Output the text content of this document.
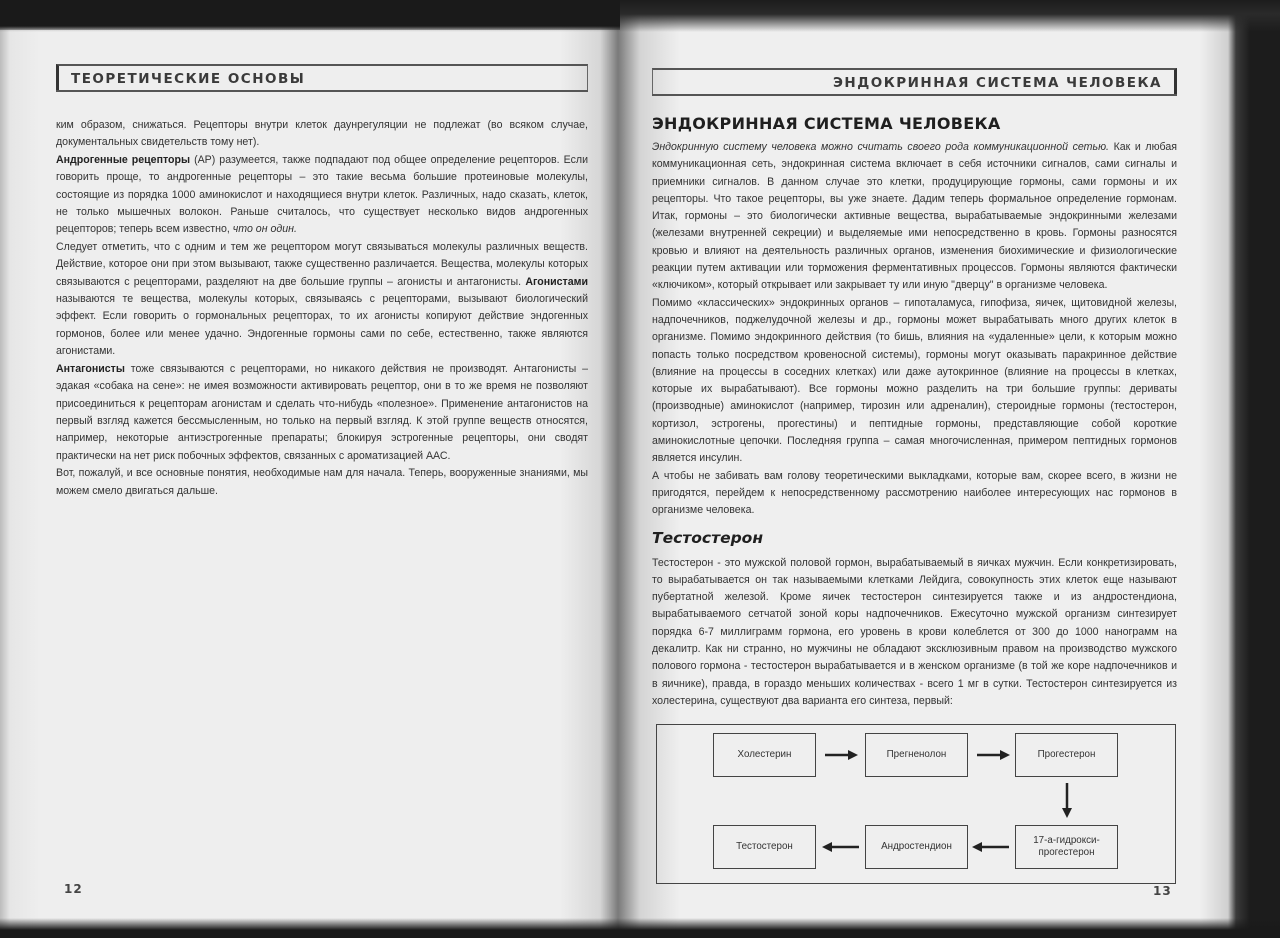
ТЕОРЕТИЧЕСКИЕ ОСНОВЫ

ким образом, снижаться. Рецепторы внутри клеток даунрегуляции не подлежат (во всяком случае, документальных свидетельств тому нет).

Андрогенные рецепторы (АР) разумеется, также подпадают под общее определение рецепторов. Если говорить проще, то андрогенные рецепторы – это такие весьма большие протеиновые молекулы, состоящие из порядка 1000 аминокислот и находящиеся внутри клеток. Различных, надо сказать, клеток, не только мышечных волокон. Раньше считалось, что существует несколько видов андрогенных рецепторов; теперь всем известно, что он один.

Следует отметить, что с одним и тем же рецептором могут связываться молекулы различных веществ. Действие, которое они при этом вызывают, также существенно различается. Вещества, молекулы которых связываются с рецепторами, разделяют на две большие группы – агонисты и антагонисты. Агонистами называются те вещества, молекулы которых, связываясь с рецепторами, вызывают биологический эффект. Если говорить о гормональных рецепторах, то их агонисты копируют действие эндогенных гормонов, более или менее удачно. Эндогенные гормоны сами по себе, естественно, также являются агонистами.

Антагонисты тоже связываются с рецепторами, но никакого действия не производят. Антагонисты – эдакая «собака на сене»: не имея возможности активировать рецептор, они в то же время не позволяют присоединиться к рецепторам агонистам и сделать что-нибудь «полезное». Применение антагонистов на первый взгляд кажется бессмысленным, но только на первый взгляд. К этой группе веществ относятся, например, некоторые антиэстрогенные препараты; блокируя эстрогенные рецепторы, они сводят практически на нет риск побочных эффектов, связанных с ароматизацией ААС.

Вот, пожалуй, и все основные понятия, необходимые нам для начала. Теперь, вооруженные знаниями, мы можем смело двигаться дальше.

12
ЭНДОКРИННАЯ СИСТЕМА ЧЕЛОВЕКА
ЭНДОКРИННАЯ СИСТЕМА ЧЕЛОВЕКА

Эндокринную систему человека можно считать своего рода коммуникационной сетью. Как и любая коммуникационная сеть, эндокринная система включает в себя источники сигналов, сами сигналы и приемники сигналов. В данном случае это клетки, продуцирующие гормоны, сами гормоны и их рецепторы. Что такое рецепторы, вы уже знаете. Дадим теперь формальное определение гормонам. Итак, гормоны – это биологически активные вещества, вырабатываемые эндокринными железами (железами внутренней секреции) и выделяемые ими непосредственно в кровь. Гормоны разносятся кровью и влияют на деятельность различных органов, изменения биохимические и физиологические реакции путем активации или торможения ферментативных процессов. Гормоны являются фактически «ключиком», который открывает или закрывает ту или иную "дверцу" в организме человека.

Помимо «классических» эндокринных органов – гипоталамуса, гипофиза, яичек, щитовидной железы, надпочечников, поджелудочной железы и др., гормоны может вырабатывать много других клеток в организме. Помимо эндокринного действия (то бишь, влияния на «удаленные» цели, к которым можно попасть только посредством кровеносной системы), гормоны могут оказывать паракринное действие (влияние на процессы в соседних клетках) или даже аутокринное (влияние на процессы в клетках, которые их вырабатывают). Все гормоны можно разделить на три большие группы: дериваты (производные) аминокислот (например, тирозин или адреналин), стероидные гормоны (тестостерон, кортизол, эстрогены, прогестины) и пептидные гормоны, представляющие собой короткие аминокислотные цепочки. Последняя группа – самая многочисленная, примером пептидных гормонов является инсулин.

А чтобы не забивать вам голову теоретическими выкладками, которые вам, скорее всего, в жизни не пригодятся, перейдем к непосредственному рассмотрению наиболее интересующих нас гормонов в организме человека.

Тестостерон

Тестостерон - это мужской половой гормон, вырабатываемый в яичках мужчин. Если конкретизировать, то вырабатывается он так называемыми клетками Лейдига, совокупность этих клеток еще называют пубертатной железой. Кроме яичек тестостерон синтезируется также и из андростендиона, вырабатываемого сетчатой зоной коры надпочечников. Ежесуточно мужской организм синтезирует порядка 6-7 миллиграмм гормона, его уровень в крови колеблется от 300 до 1000 нанограмм на декалитр. Как ни странно, но мужчины не обладают эксклюзивным правом на производство мужского полового гормона - тестостерон вырабатывается и в женском организме (в той же коре надпочечников и в яичнике), правда, в гораздо меньших количествах - всего 1 мг в сутки. Тестостерон синтезируется из холестерина, существуют два варианта его синтеза, первый:

Холестерин	Прегненолон	Прогестерон
Тестостерон	Андростендион
17-а-гидрокси-прогестерон
13
